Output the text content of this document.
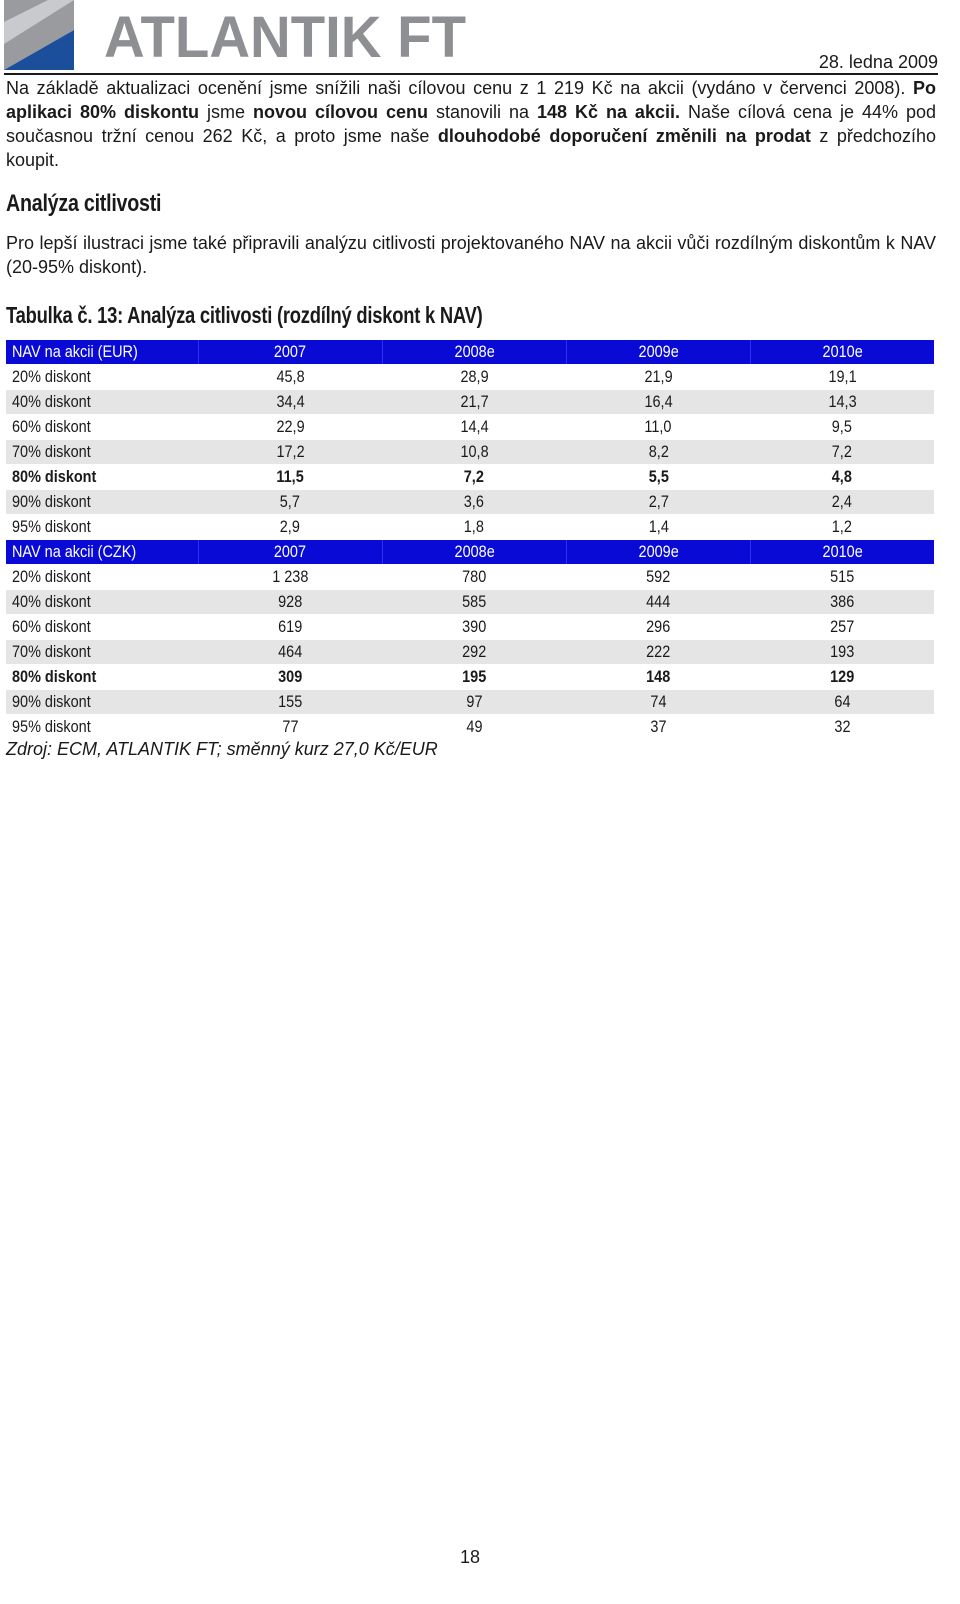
ATLANTIK FT	28. ledna 2009

Na základě aktualizaci ocenění jsme snížili naši cílovou cenu z 1 219 Kč na akcii (vydáno v červenci 2008). Po aplikaci 80% diskontu jsme novou cílovou cenu stanovili na 148 Kč na akcii. Naše cílová cena je 44% pod současnou tržní cenou 262 Kč, a proto jsme naše dlouhodobé doporučení změnili na prodat z předchozího koupit.

Analýza citlivosti

Pro lepší ilustraci jsme také připravili analýzu citlivosti projektovaného NAV na akcii vůči rozdílným diskontům k NAV (20-95% diskont).

Tabulka č. 13: Analýza citlivosti (rozdílný diskont k NAV)
NAV na akcii (EUR)	2007	2008e	2009e	2010e
20% diskont	45,8	28,9	21,9	19,1
40% diskont	34,4	21,7	16,4	14,3
60% diskont	22,9	14,4	11,0	9,5
70% diskont	17,2	10,8	8,2	7,2
80% diskont	11,5	7,2	5,5	4,8
90% diskont	5,7	3,6	2,7	2,4
95% diskont	2,9	1,8	1,4	1,2
NAV na akcii (CZK)	2007	2008e	2009e	2010e
20% diskont	1 238	780	592	515
40% diskont	928	585	444	386
60% diskont	619	390	296	257
70% diskont	464	292	222	193
80% diskont	309	195	148	129
90% diskont	155	97	74	64
95% diskont	77	49	37	32

Zdroj: ECM, ATLANTIK FT; směnný kurz 27,0 Kč/EUR

18
